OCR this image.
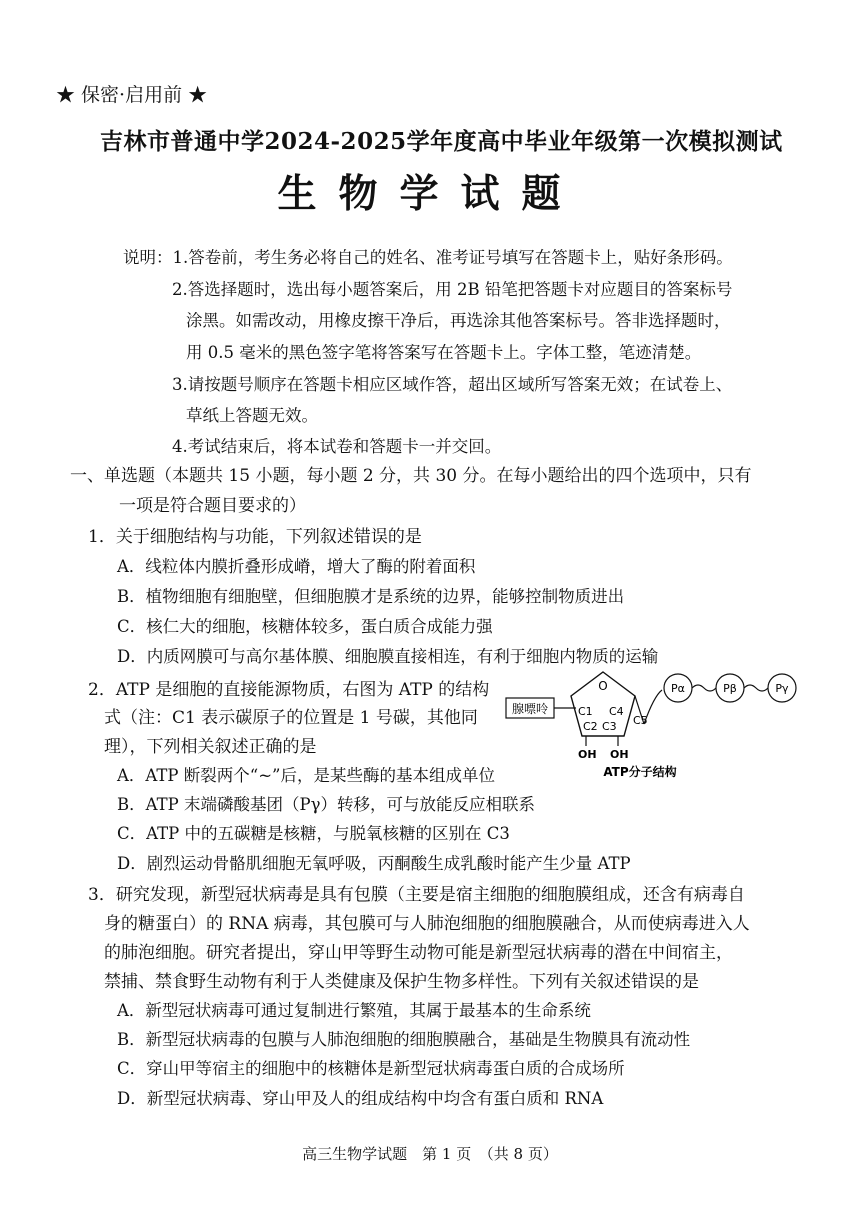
★ 保密·启用前 ★
吉林市普通中学2024-2025学年度高中毕业年级第一次模拟测试
生物学试题
说明：1.答卷前，考生务必将自己的姓名、准考证号填写在答题卡上，贴好条形码。
2.答选择题时，选出每小题答案后，用 2B 铅笔把答题卡对应题目的答案标号
涂黑。如需改动，用橡皮擦干净后，再选涂其他答案标号。答非选择题时，
用 0.5 毫米的黑色签字笔将答案写在答题卡上。字体工整，笔迹清楚。
3.请按题号顺序在答题卡相应区域作答，超出区域所写答案无效；在试卷上、
草纸上答题无效。
4.考试结束后，将本试卷和答题卡一并交回。
一、单选题（本题共 15 小题，每小题 2 分，共 30 分。在每小题给出的四个选项中，只有
一项是符合题目要求的）
1．关于细胞结构与功能，下列叙述错误的是
A．线粒体内膜折叠形成嵴，增大了酶的附着面积
B．植物细胞有细胞壁，但细胞膜才是系统的边界，能够控制物质进出
C．核仁大的细胞，核糖体较多，蛋白质合成能力强
D．内质网膜可与高尔基体膜、细胞膜直接相连，有利于细胞内物质的运输
2．ATP 是细胞的直接能源物质，右图为 ATP 的结构
式（注：C1 表示碳原子的位置是 1 号碳，其他同
理），下列相关叙述正确的是
A．ATP 断裂两个“~”后，是某些酶的基本组成单位
B．ATP 末端磷酸基团（Pγ）转移，可与放能反应相联系
C．ATP 中的五碳糖是核糖，与脱氧核糖的区别在 C3
D．剧烈运动骨骼肌细胞无氧呼吸，丙酮酸生成乳酸时能产生少量 ATP
腺嘌呤
O
C1
C2 C3
C4
C5
OH OH
Pα	Pβ	Pγ
ATP分子结构
3．研究发现，新型冠状病毒是具有包膜（主要是宿主细胞的细胞膜组成，还含有病毒自
身的糖蛋白）的 RNA 病毒，其包膜可与人肺泡细胞的细胞膜融合，从而使病毒进入人
的肺泡细胞。研究者提出，穿山甲等野生动物可能是新型冠状病毒的潜在中间宿主，
禁捕、禁食野生动物有利于人类健康及保护生物多样性。下列有关叙述错误的是
A．新型冠状病毒可通过复制进行繁殖，其属于最基本的生命系统
B．新型冠状病毒的包膜与人肺泡细胞的细胞膜融合，基础是生物膜具有流动性
C．穿山甲等宿主的细胞中的核糖体是新型冠状病毒蛋白质的合成场所
D．新型冠状病毒、穿山甲及人的组成结构中均含有蛋白质和 RNA
高三生物学试题　第 1 页　（共 8 页）
